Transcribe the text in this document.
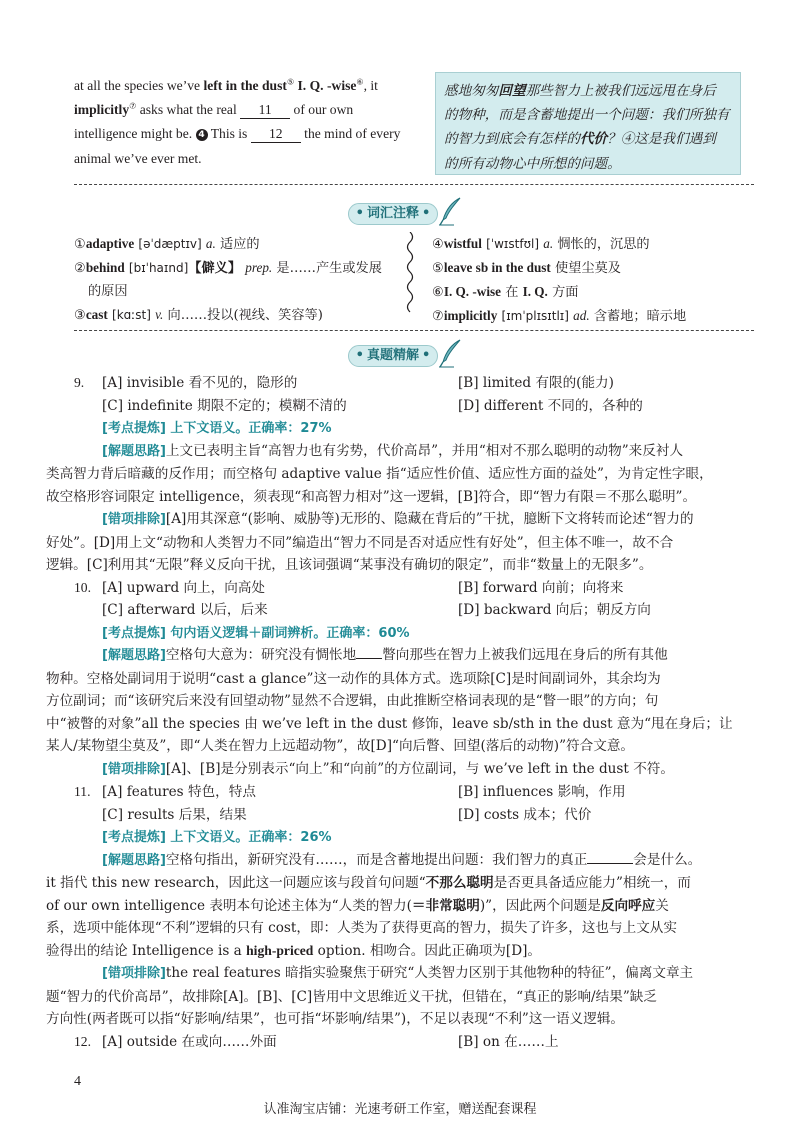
at all the species we’ve left in the dust⑤ I. Q. -wise⑥, it
implicitly⑦ asks what the real 11 of our own
intelligence might be. 4 This is 12 the mind of every
animal we’ve ever met.
感地匆匆回望那些智力上被我们远远甩在身后
的物种，而是含蓄地提出一个问题：我们所独有
的智力到底会有怎样的代价？④这是我们遇到
的所有动物心中所想的问题。
• 词汇注释 •
①adaptive [əˈdæptɪv] a. 适应的
②behind [bɪˈhaɪnd]【僻义】 prep. 是……产生或发展
的原因
③cast [kɑːst] v. 向……投以(视线、笑容等)
④wistful [ˈwɪstfʊl] a. 惆怅的，沉思的
⑤leave sb in the dust 使望尘莫及
⑥I. Q. -wise 在 I. Q. 方面
⑦implicitly [ɪmˈplɪsɪtlɪ] ad. 含蓄地；暗示地
• 真题精解 •
9. [A] invisible 看不见的，隐形的	[B] limited 有限的(能力)
[C] indefinite 期限不定的；模糊不清的	[D] different 不同的，各种的
[考点提炼] 上下文语义。正确率：27%
[解题思路]上文已表明主旨“高智力也有劣势，代价高昂”，并用“相对不那么聪明的动物”来反衬人
类高智力背后暗藏的反作用；而空格句 adaptive value 指“适应性价值、适应性方面的益处”，为肯定性字眼，
故空格形容词限定 intelligence，须表现“和高智力相对”这一逻辑，[B]符合，即“智力有限＝不那么聪明”。
[错项排除][A]用其深意“(影响、威胁等)无形的、隐藏在背后的”干扰，臆断下文将转而论述“智力的
好处”。[D]用上文“动物和人类智力不同”编造出“智力不同是否对适应性有好处”，但主体不唯一，故不合
逻辑。[C]利用其“无限”释义反向干扰，且该词强调“某事没有确切的限定”，而非“数量上的无限多”。
10. [A] upward 向上，向高处	[B] forward 向前；向将来
[C] afterward 以后，后来	[D] backward 向后；朝反方向
[考点提炼] 句内语义逻辑＋副词辨析。正确率：60%
[解题思路]空格句大意为：研究没有惆怅地 瞥向那些在智力上被我们远甩在身后的所有其他
物种。空格处副词用于说明“cast a glance”这一动作的具体方式。选项除[C]是时间副词外，其余均为
方位副词；而“该研究后来没有回望动物”显然不合逻辑，由此推断空格词表现的是“瞥一眼”的方向；句
中“被瞥的对象”all the species 由 we’ve left in the dust 修饰，leave sb/sth in the dust 意为“甩在身后；让
某人/某物望尘莫及”，即“人类在智力上远超动物”，故[D]“向后瞥、回望(落后的动物)”符合文意。
[错项排除][A]、[B]是分别表示“向上”和“向前”的方位副词，与 we’ve left in the dust 不符。
11. [A] features 特色，特点	[B] influences 影响，作用
[C] results 后果，结果	[D] costs 成本；代价
[考点提炼] 上下文语义。正确率：26%
[解题思路]空格句指出，新研究没有……，而是含蓄地提出问题：我们智力的真正	会是什么。
it 指代 this new research，因此这一问题应该与段首句问题“不那么聪明是否更具备适应能力”相统一，而
of our own intelligence 表明本句论述主体为“人类的智力(＝非常聪明)”，因此两个问题是反向呼应关
系，选项中能体现“不利”逻辑的只有 cost，即：人类为了获得更高的智力，损失了许多，这也与上文从实
验得出的结论 Intelligence is a high-priced option. 相吻合。因此正确项为[D]。
[错项排除]the real features 暗指实验聚焦于研究“人类智力区别于其他物种的特征”，偏离文章主
题“智力的代价高昂”，故排除[A]。[B]、[C]皆用中文思维近义干扰，但错在，“真正的影响/结果”缺乏
方向性(两者既可以指“好影响/结果”，也可指“坏影响/结果”)，不足以表现“不利”这一语义逻辑。
12. [A] outside 在或向……外面	[B] on 在……上
4
认准淘宝店铺：光速考研工作室，赠送配套课程
